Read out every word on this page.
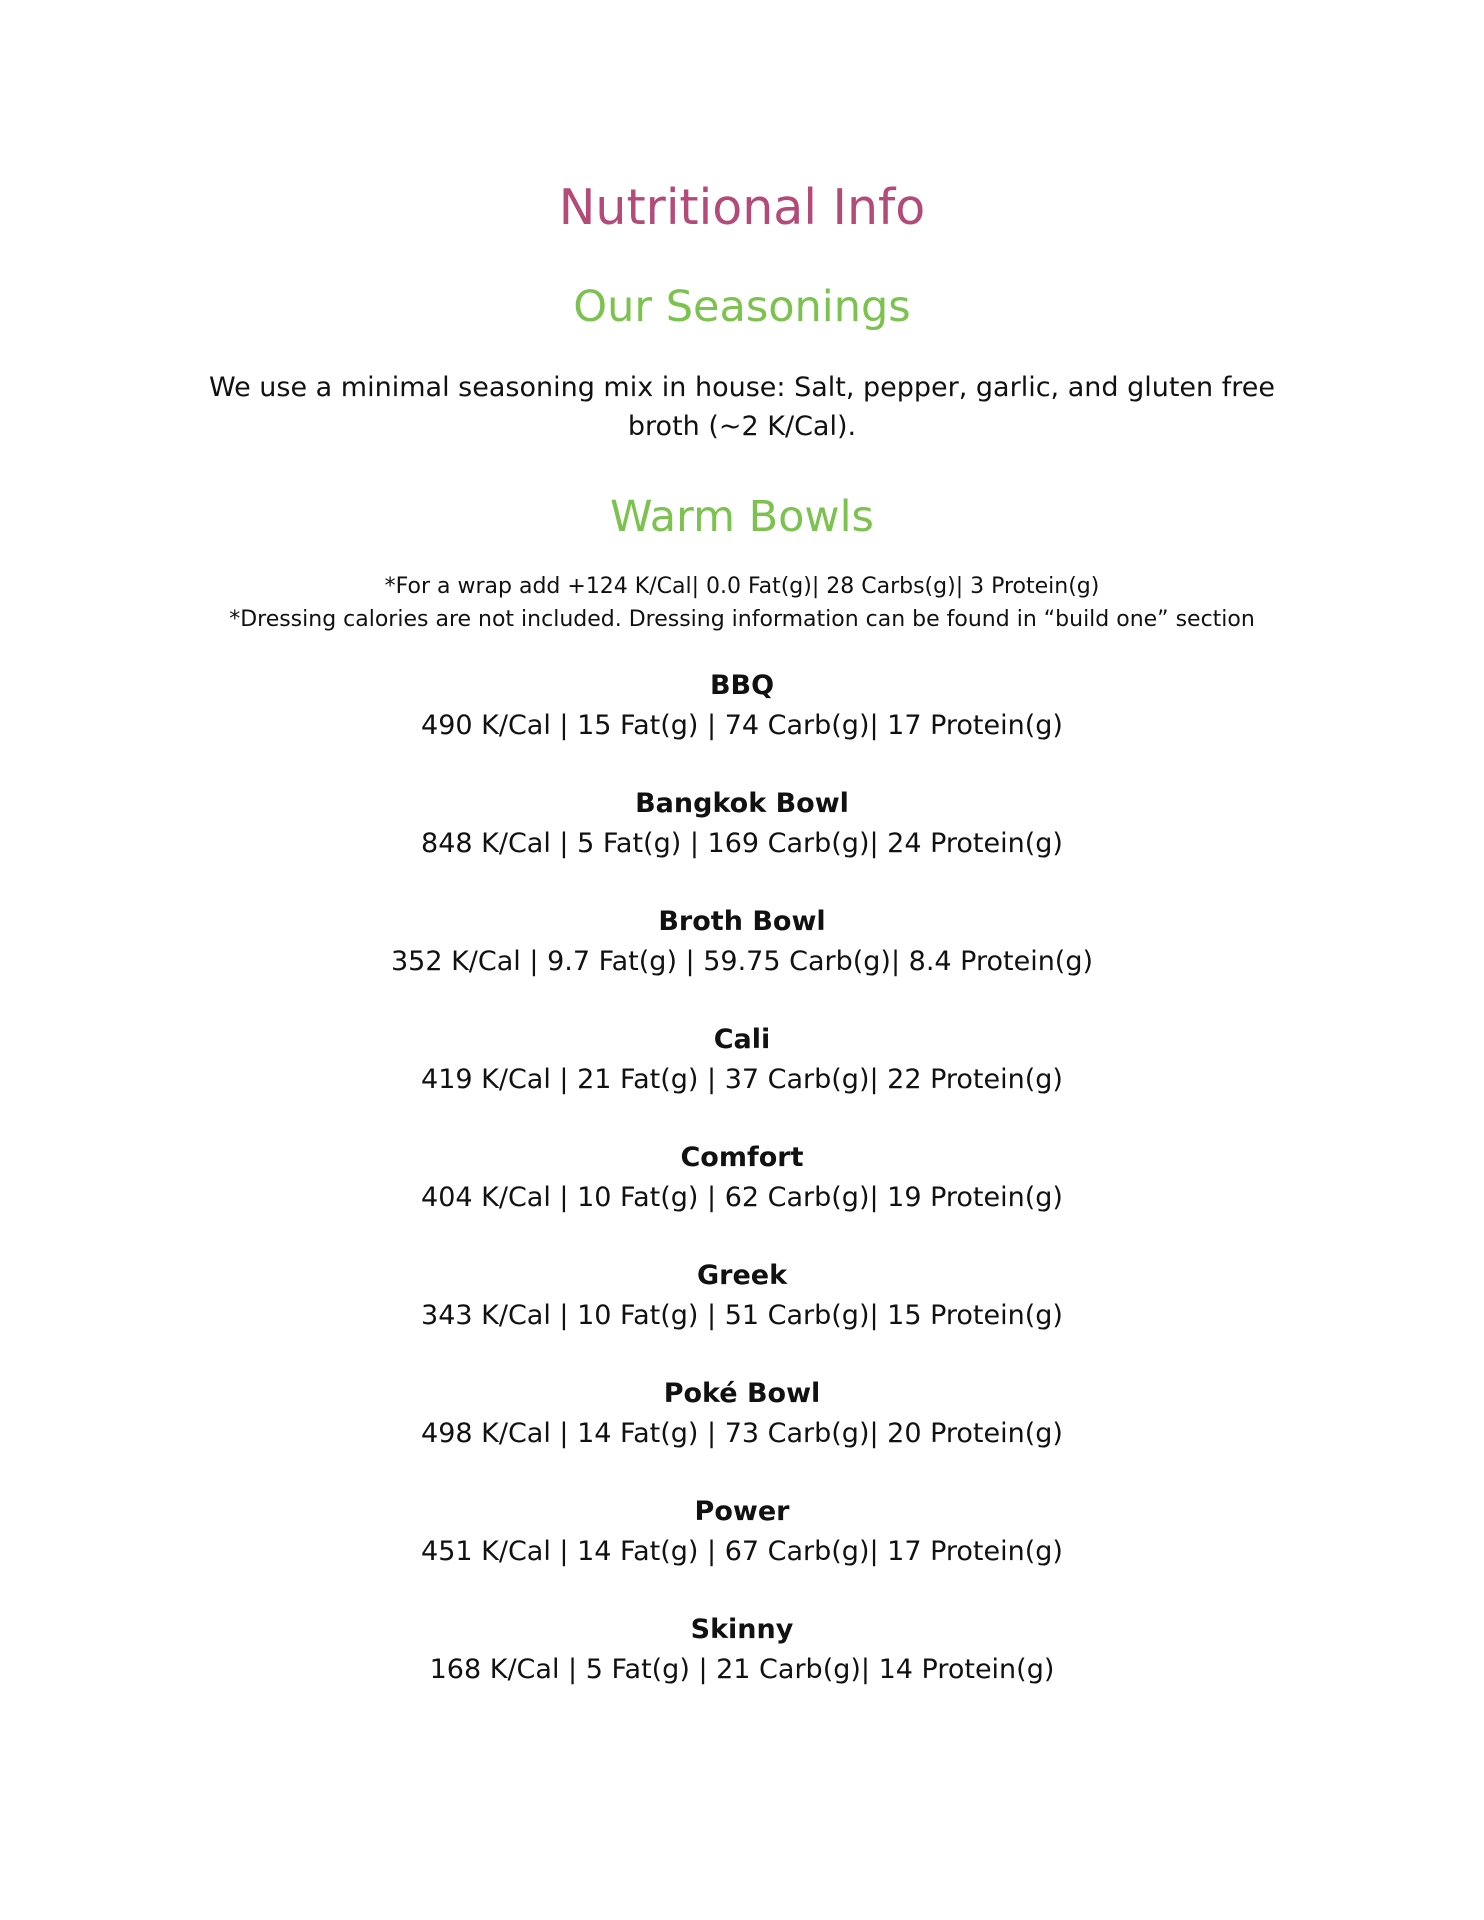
Nutritional Info
Our Seasonings

We use a minimal seasoning mix in house: Salt, pepper, garlic, and gluten free broth (~2 K/Cal).

Warm Bowls
*For a wrap add +124 K/Cal| 0.0 Fat(g)| 28 Carbs(g)| 3 Protein(g)
*Dressing calories are not included. Dressing information can be found in “build one” section
BBQ
490 K/Cal | 15 Fat(g) | 74 Carb(g)| 17 Protein(g)
Bangkok Bowl
848 K/Cal | 5 Fat(g) | 169 Carb(g)| 24 Protein(g)
Broth Bowl
352 K/Cal | 9.7 Fat(g) | 59.75 Carb(g)| 8.4 Protein(g)
Cali
419 K/Cal | 21 Fat(g) | 37 Carb(g)| 22 Protein(g)
Comfort
404 K/Cal | 10 Fat(g) | 62 Carb(g)| 19 Protein(g)
Greek
343 K/Cal | 10 Fat(g) | 51 Carb(g)| 15 Protein(g)
Poké Bowl
498 K/Cal | 14 Fat(g) | 73 Carb(g)| 20 Protein(g)
Power
451 K/Cal | 14 Fat(g) | 67 Carb(g)| 17 Protein(g)
Skinny
168 K/Cal | 5 Fat(g) | 21 Carb(g)| 14 Protein(g)
